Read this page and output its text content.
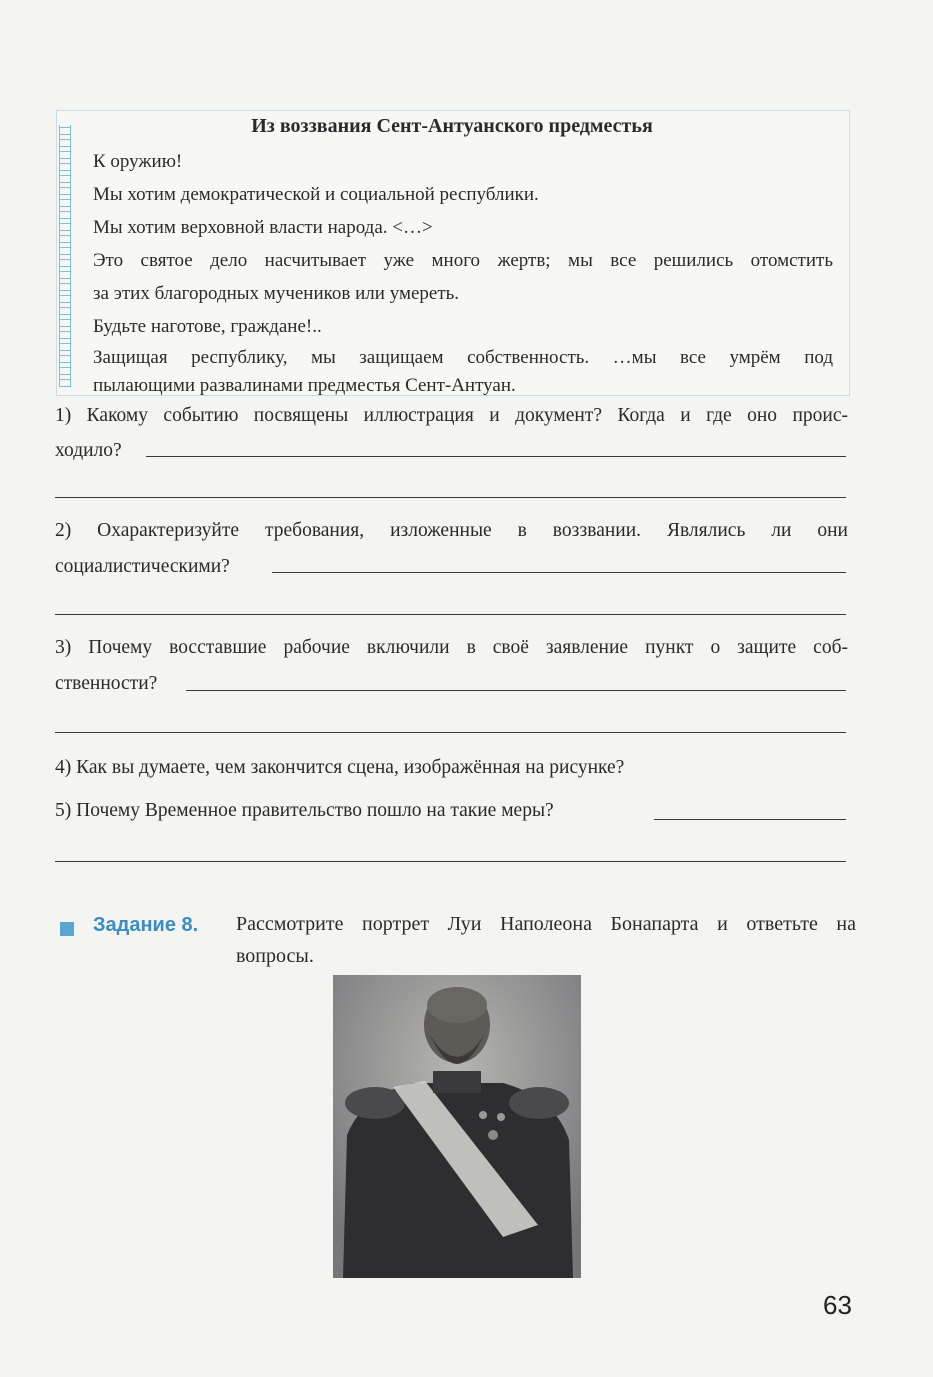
Из воззвания Сент-Антуанского предместья
К оружию!
Мы хотим демократической и социальной республики.
Мы хотим верховной власти народа. <…>
Это святое дело насчитывает уже много жертв; мы все решились отомстить
за этих благородных мучеников или умереть.
Будьте наготове, граждане!..
Защищая республику, мы защищаем собственность. …мы все умрём под
пылающими развалинами предместья Сент-Антуан.
1) Какому событию посвящены иллюстрация и документ? Когда и где оно проис-
ходило?
2) Охарактеризуйте требования, изложенные в воззвании. Являлись ли они
социалистическими?
3) Почему восставшие рабочие включили в своё заявление пункт о защите соб-
ственности?
4) Как вы думаете, чем закончится сцена, изображённая на рисунке?
5) Почему Временное правительство пошло на такие меры?
Задание 8. Рассмотрите портрет Луи Наполеона Бонапарта и ответьте на
вопросы.
63
